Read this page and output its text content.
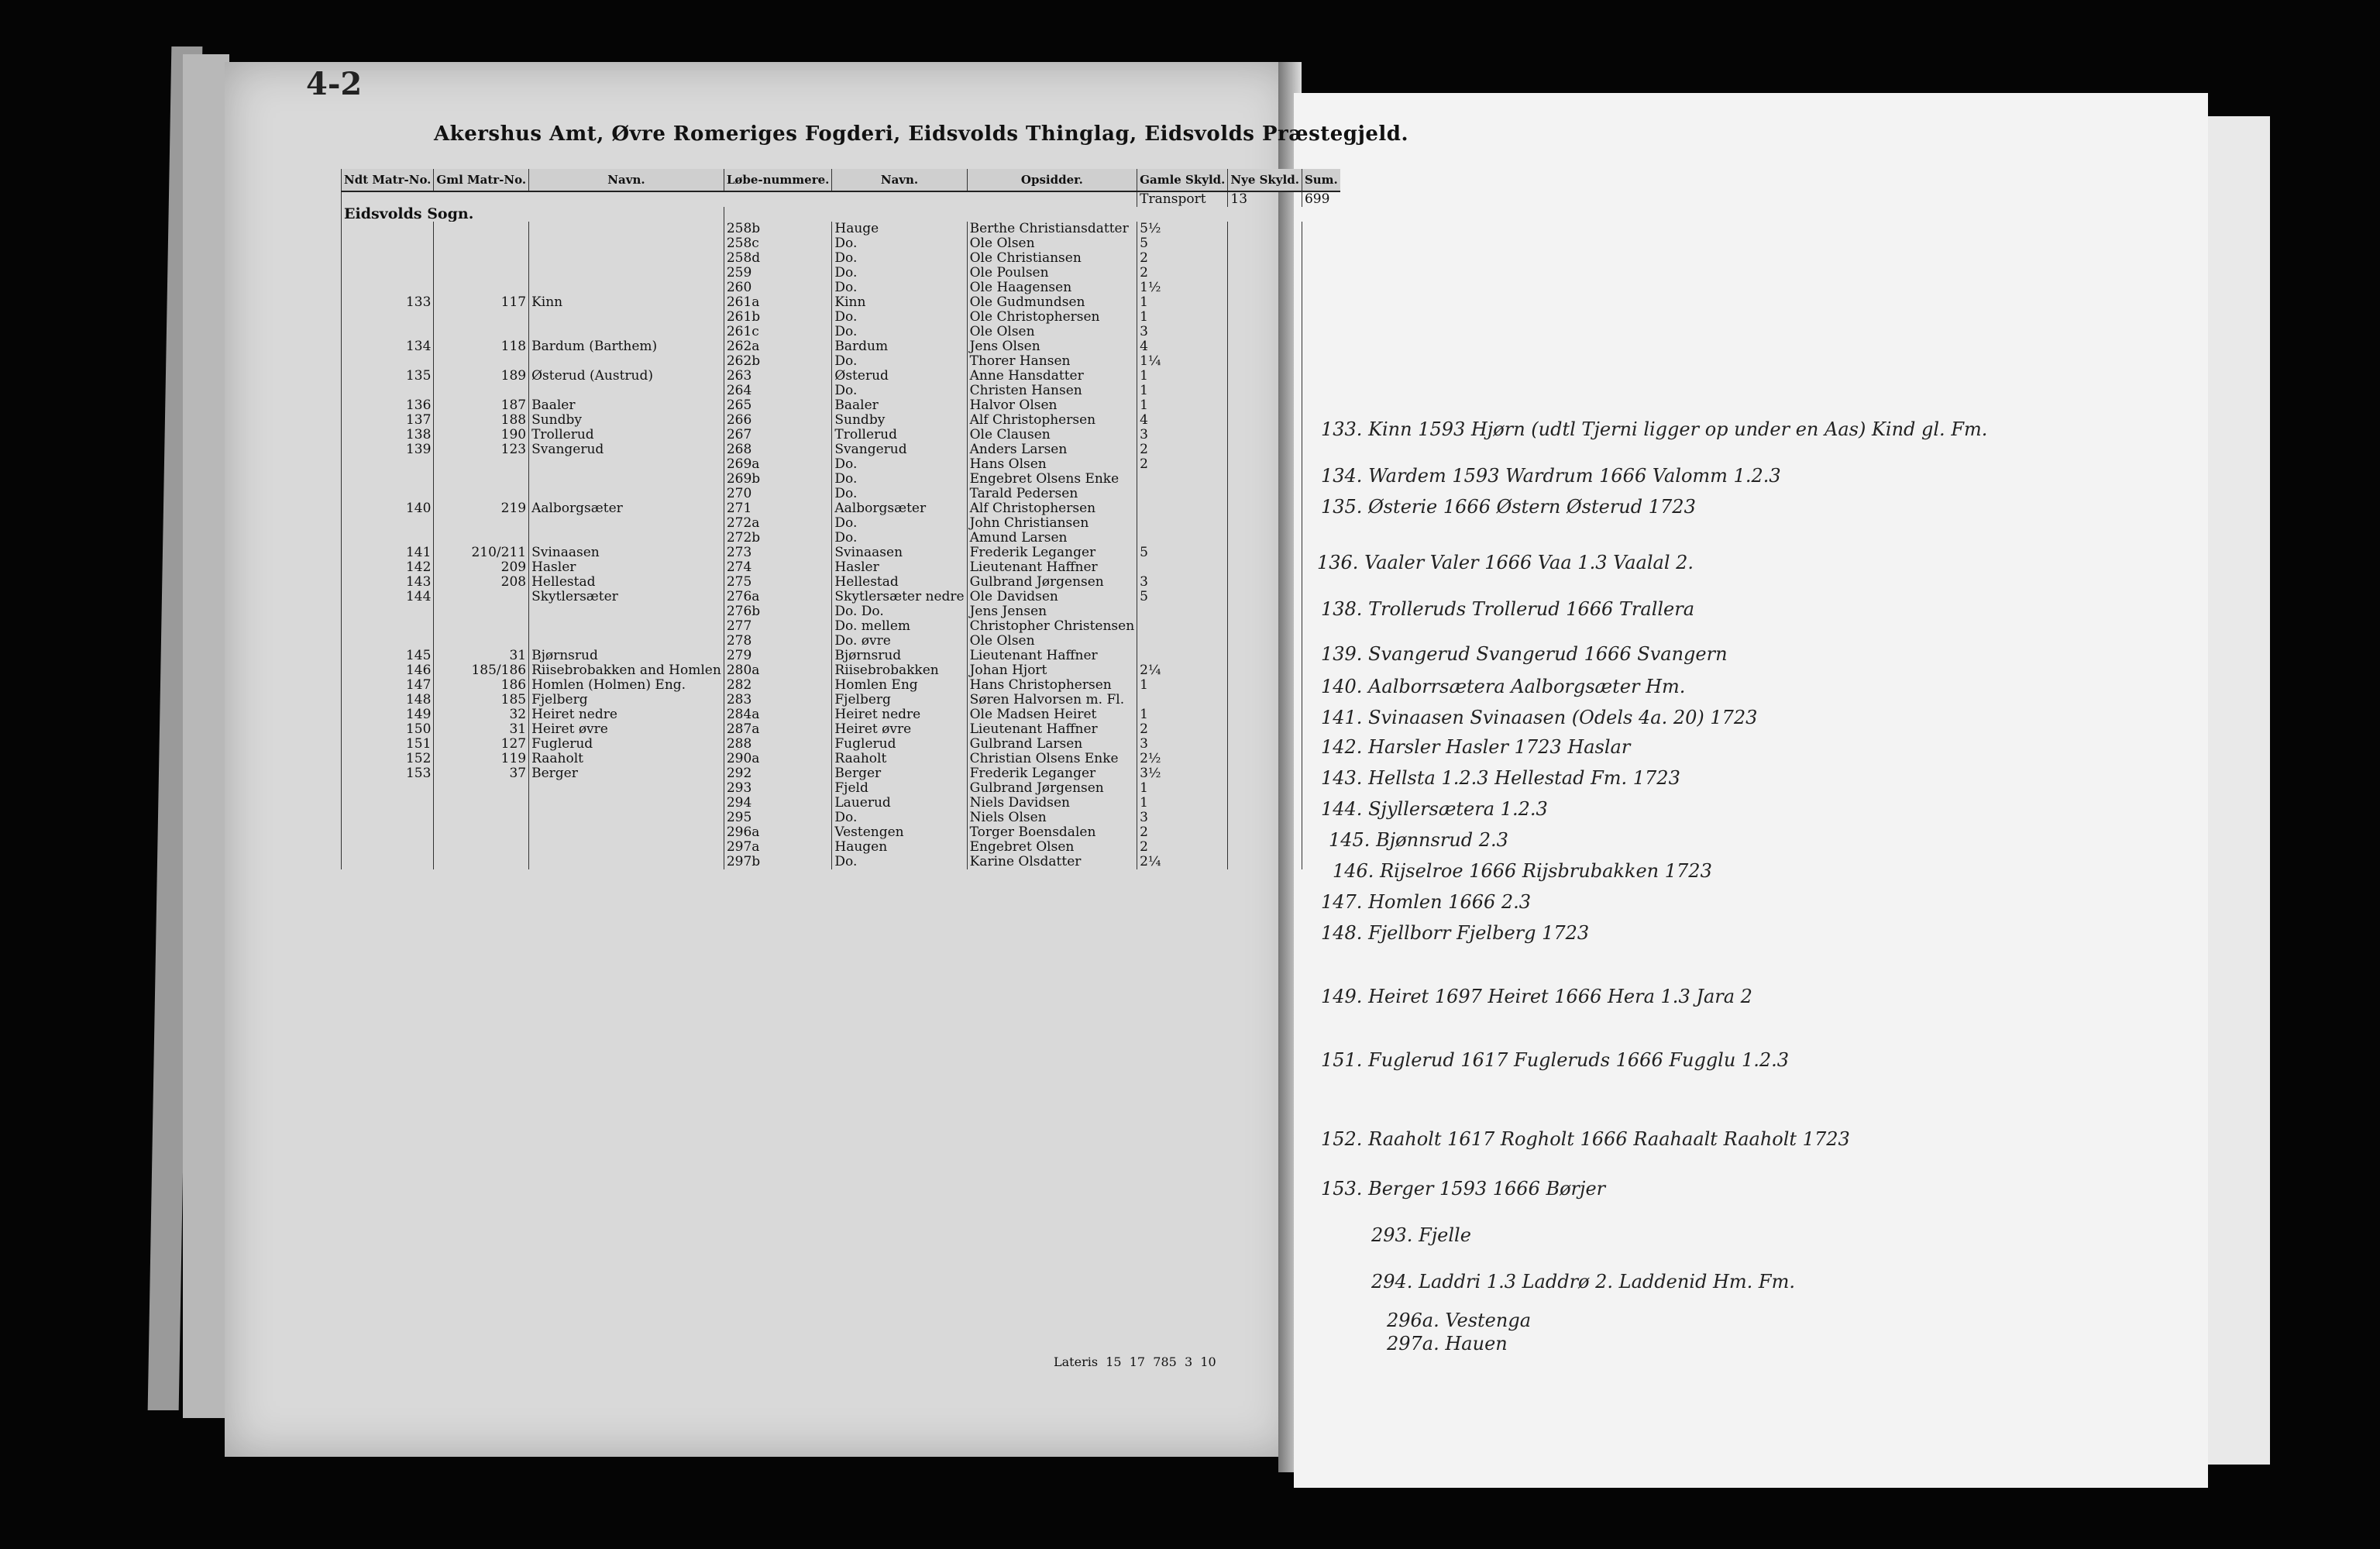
4-2
Akershus Amt, Øvre Romeriges Fogderi, Eidsvolds Thinglag, Eidsvolds Præstegjeld.
Ndt Matr-No.	Gml Matr-No.	Navn.	Løbe-nummere.	Navn.	Opsidder.	Gamle Skyld.	Nye Skyld.	Sum.
						Transport	13	699
Eidsvolds Sogn.								
			258b	Hauge	Berthe Christiansdatter	5½		
			258c	Do.	Ole Olsen	5		
			258d	Do.	Ole Christiansen	2		
			259	Do.	Ole Poulsen	2		
			260	Do.	Ole Haagensen	1½		
133	117	Kinn	261a	Kinn	Ole Gudmundsen	1		
			261b	Do.	Ole Christophersen	1		
			261c	Do.	Ole Olsen	3		
134	118	Bardum (Barthem)	262a	Bardum	Jens Olsen	4		
			262b	Do.	Thorer Hansen	1¼		
135	189	Østerud (Austrud)	263	Østerud	Anne Hansdatter	1		
			264	Do.	Christen Hansen	1		
136	187	Baaler	265	Baaler	Halvor Olsen	1		
137	188	Sundby	266	Sundby	Alf Christophersen	4		
138	190	Trollerud	267	Trollerud	Ole Clausen	3		
139	123	Svangerud	268	Svangerud	Anders Larsen	2		
			269a	Do.	Hans Olsen	2		
			269b	Do.	Engebret Olsens Enke			
			270	Do.	Tarald Pedersen			
140	219	Aalborgsæter	271	Aalborgsæter	Alf Christophersen			
			272a	Do.	John Christiansen			
			272b	Do.	Amund Larsen			
141	210/211	Svinaasen	273	Svinaasen	Frederik Leganger	5		
142	209	Hasler	274	Hasler	Lieutenant Haffner			
143	208	Hellestad	275	Hellestad	Gulbrand Jørgensen	3		
144		Skytlersæter	276a	Skytlersæter nedre	Ole Davidsen	5		
			276b	Do. Do.	Jens Jensen			
			277	Do. mellem	Christopher Christensen			
			278	Do. øvre	Ole Olsen			
145	31	Bjørnsrud	279	Bjørnsrud	Lieutenant Haffner			
146	185/186	Riisebrobakken and Homlen	280a	Riisebrobakken	Johan Hjort	2¼		
147	186	Homlen (Holmen) Eng.	282	Homlen Eng	Hans Christophersen	1		
148	185	Fjelberg	283	Fjelberg	Søren Halvorsen m. Fl.			
149	32	Heiret nedre	284a	Heiret nedre	Ole Madsen Heiret	1		
150	31	Heiret øvre	287a	Heiret øvre	Lieutenant Haffner	2		
151	127	Fuglerud	288	Fuglerud	Gulbrand Larsen	3		
152	119	Raaholt	290a	Raaholt	Christian Olsens Enke	2½		
153	37	Berger	292	Berger	Frederik Leganger	3½		
			293	Fjeld	Gulbrand Jørgensen	1		
			294	Lauerud	Niels Davidsen	1		
			295	Do.	Niels Olsen	3		
			296a	Vestengen	Torger Boensdalen	2		
			297a	Haugen	Engebret Olsen	2		
			297b	Do.	Karine Olsdatter	2¼		
Lateris 15 17 785 3 10
133. Kinn 1593 Hjørn (udtl Tjerni ligger op under en Aas) Kind gl. Fm.
134. Wardem 1593 Wardrum 1666 Valomm 1.2.3
135. Østerie 1666 Østern Østerud 1723
136. Vaaler Valer 1666 Vaa 1.3 Vaalal 2.
138. Trolleruds Trollerud 1666 Trallera
139. Svangerud Svangerud 1666 Svangern
140. Aalborrsætera Aalborgsæter Hm.
141. Svinaasen Svinaasen (Odels 4a. 20) 1723
142. Harsler Hasler 1723 Haslar
143. Hellsta 1.2.3 Hellestad Fm. 1723
144. Sjyllersætera 1.2.3
145. Bjønnsrud 2.3
146. Rijselroe 1666 Rijsbrubakken 1723
147. Homlen 1666 2.3
148. Fjellborr Fjelberg 1723
149. Heiret 1697 Heiret 1666 Hera 1.3 Jara 2
151. Fuglerud 1617 Fugleruds 1666 Fugglu 1.2.3
152. Raaholt 1617 Rogholt 1666 Raahaalt Raaholt 1723
153. Berger 1593 1666 Børjer
293. Fjelle
294. Laddri 1.3 Laddrø 2. Laddenid Hm. Fm.
296a. Vestenga
297a. Hauen
